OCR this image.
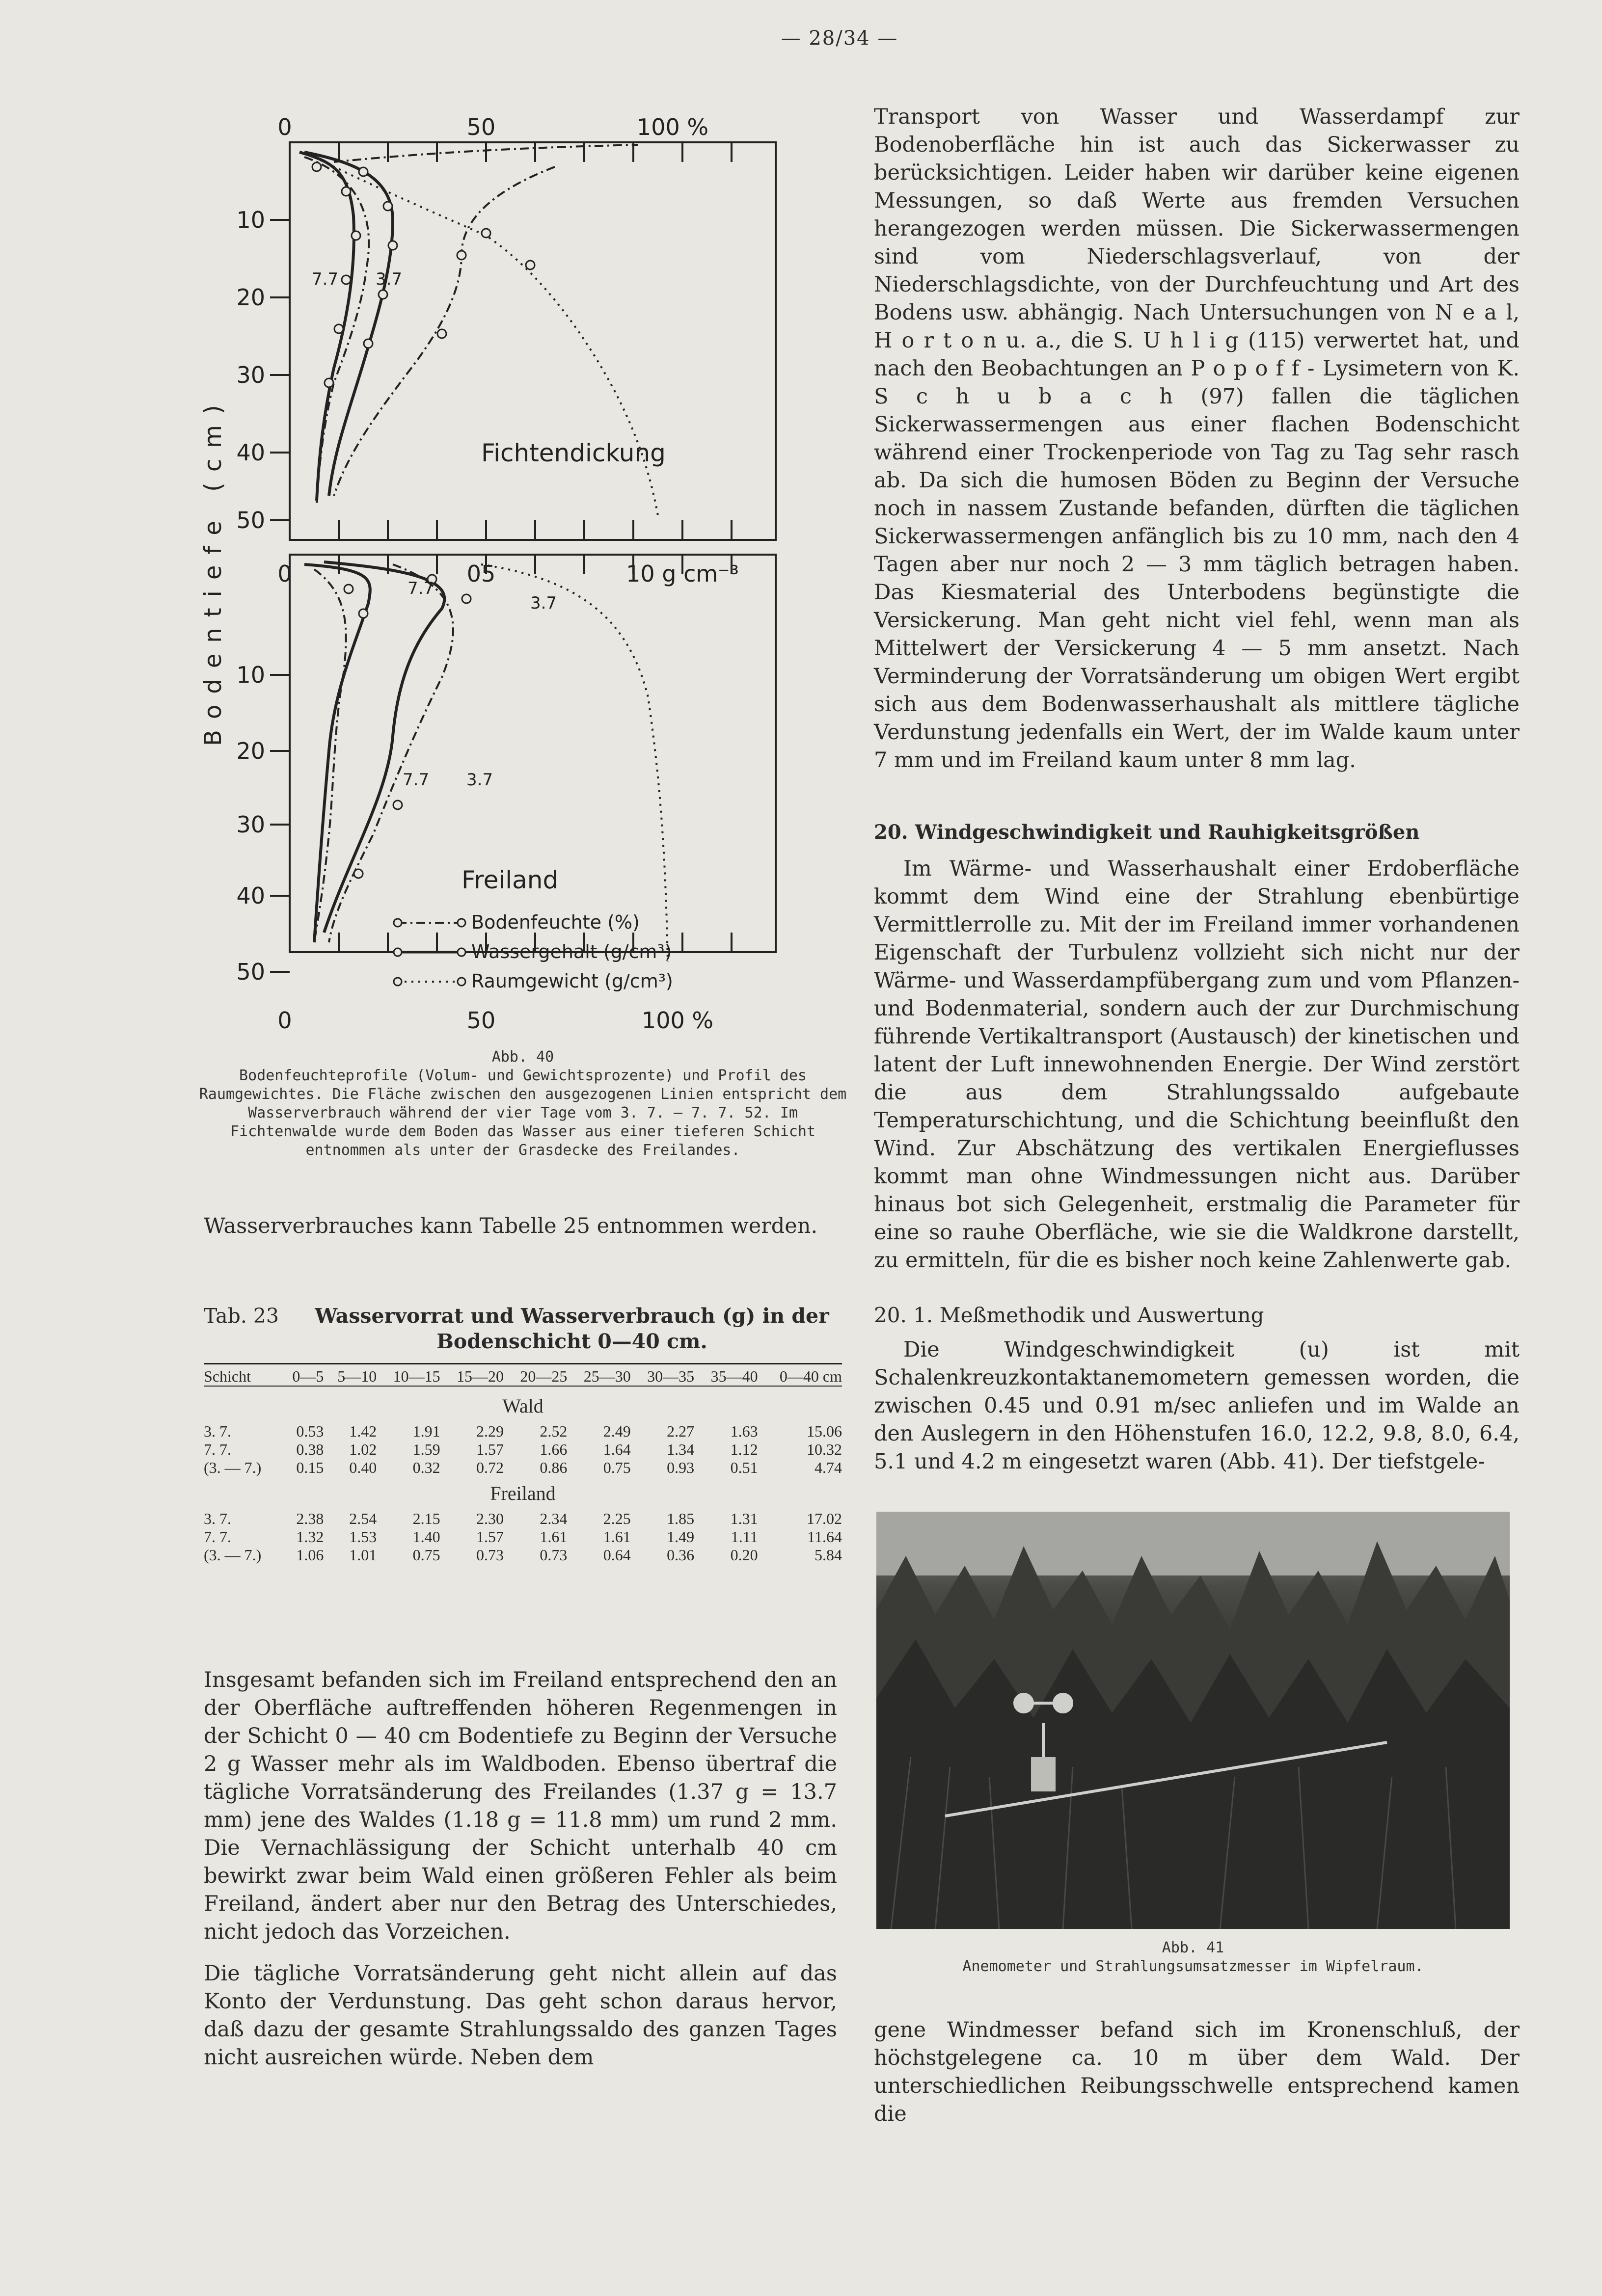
— 28/34 —
0	50	100 %
0	05	10 g cm⁻³
0	50	100 %
10
20
30
40
50
10
20
30
40
50
Bodentiefe (cm)
7.7 3.7
Fichtendickung
7.7
3.7
7.7 3.7
Freiland
Bodenfeuchte (%)
Wassergehalt (g/cm³)
Raumgewicht (g/cm³)
Abb. 40
Bodenfeuchteprofile (Volum- und Gewichtsprozente) und Profil des Raumgewichtes. Die Fläche zwischen den ausgezogenen Linien entspricht dem Wasserverbrauch während der vier Tage vom 3. 7. — 7. 7. 52. Im Fichtenwalde wurde dem Boden das Wasser aus einer tieferen Schicht entnommen als unter der Grasdecke des Freilandes.

Wasserverbrauches kann Tabelle 25 entnommen werden.

Tab. 23	Wasservorrat und Wasserverbrauch (g) in der Bodenschicht 0—40 cm.
Schicht	0—5	5—10	10—15	15—20	20—25	25—30	30—35	35—40	0—40 cm

Wald									
3. 7.	0.53	1.42	1.91	2.29	2.52	2.49	2.27	1.63	15.06
7. 7.	0.38	1.02	1.59	1.57	1.66	1.64	1.34	1.12	10.32
(3. — 7.)	0.15	0.40	0.32	0.72	0.86	0.75	0.93	0.51	4.74
Freiland									
3. 7.	2.38	2.54	2.15	2.30	2.34	2.25	1.85	1.31	17.02
7. 7.	1.32	1.53	1.40	1.57	1.61	1.61	1.49	1.11	11.64
(3. — 7.)	1.06	1.01	0.75	0.73	0.73	0.64	0.36	0.20	5.84

Insgesamt befanden sich im Freiland entsprechend den an der Oberfläche auftreffenden höheren Regenmengen in der Schicht 0 — 40 cm Bodentiefe zu Beginn der Versuche 2 g Wasser mehr als im Waldboden. Ebenso übertraf die tägliche Vorratsänderung des Freilandes (1.37 g = 13.7 mm) jene des Waldes (1.18 g = 11.8 mm) um rund 2 mm. Die Vernachlässigung der Schicht unterhalb 40 cm bewirkt zwar beim Wald einen größeren Fehler als beim Freiland, ändert aber nur den Betrag des Unterschiedes, nicht jedoch das Vorzeichen.

Die tägliche Vorratsänderung geht nicht allein auf das Konto der Verdunstung. Das geht schon daraus hervor, daß dazu der gesamte Strahlungssaldo des ganzen Tages nicht ausreichen würde. Neben dem

Transport von Wasser und Wasserdampf zur Bodenoberfläche hin ist auch das Sickerwasser zu berücksichtigen. Leider haben wir darüber keine eigenen Messungen, so daß Werte aus fremden Versuchen herangezogen werden müssen. Die Sickerwassermengen sind vom Niederschlagsverlauf, von der Niederschlagsdichte, von der Durchfeuchtung und Art des Bodens usw. abhängig. Nach Untersuchungen von N e a l, H o r t o n u. a., die S. U h l i g (115) verwertet hat, und nach den Beobachtungen an P o p o f f - Lysimetern von K. S c h u b a c h (97) fallen die täglichen Sickerwassermengen aus einer flachen Bodenschicht während einer Trockenperiode von Tag zu Tag sehr rasch ab. Da sich die humosen Böden zu Beginn der Versuche noch in nassem Zustande befanden, dürften die täglichen Sickerwassermengen anfänglich bis zu 10 mm, nach den 4 Tagen aber nur noch 2 — 3 mm täglich betragen haben. Das Kiesmaterial des Unterbodens begünstigte die Versickerung. Man geht nicht viel fehl, wenn man als Mittelwert der Versickerung 4 — 5 mm ansetzt. Nach Verminderung der Vorratsänderung um obigen Wert ergibt sich aus dem Bodenwasserhaushalt als mittlere tägliche Verdunstung jedenfalls ein Wert, der im Walde kaum unter 7 mm und im Freiland kaum unter 8 mm lag.

20. Windgeschwindigkeit und Rauhigkeitsgrößen

Im Wärme- und Wasserhaushalt einer Erdoberfläche kommt dem Wind eine der Strahlung ebenbürtige Vermittlerrolle zu. Mit der im Freiland immer vorhandenen Eigenschaft der Turbulenz vollzieht sich nicht nur der Wärme- und Wasserdampfübergang zum und vom Pflanzen- und Bodenmaterial, sondern auch der zur Durchmischung führende Vertikaltransport (Austausch) der kinetischen und latent der Luft innewohnenden Energie. Der Wind zerstört die aus dem Strahlungssaldo aufgebaute Temperaturschichtung, und die Schichtung beeinflußt den Wind. Zur Abschätzung des vertikalen Energieflusses kommt man ohne Windmessungen nicht aus. Darüber hinaus bot sich Gelegenheit, erstmalig die Parameter für eine so rauhe Oberfläche, wie sie die Waldkrone darstellt, zu ermitteln, für die es bisher noch keine Zahlenwerte gab.

20. 1. Meßmethodik und Auswertung

Die Windgeschwindigkeit (u) ist mit Schalenkreuzkontaktanemometern gemessen worden, die zwischen 0.45 und 0.91 m/sec anliefen und im Walde an den Auslegern in den Höhenstufen 16.0, 12.2, 9.8, 8.0, 6.4, 5.1 und 4.2 m eingesetzt waren (Abb. 41). Der tiefstgele-

Abb. 41
Anemometer und Strahlungsumsatzmesser im Wipfelraum.

gene Windmesser befand sich im Kronenschluß, der höchstgelegene ca. 10 m über dem Wald. Der unterschiedlichen Reibungsschwelle entsprechend kamen die
